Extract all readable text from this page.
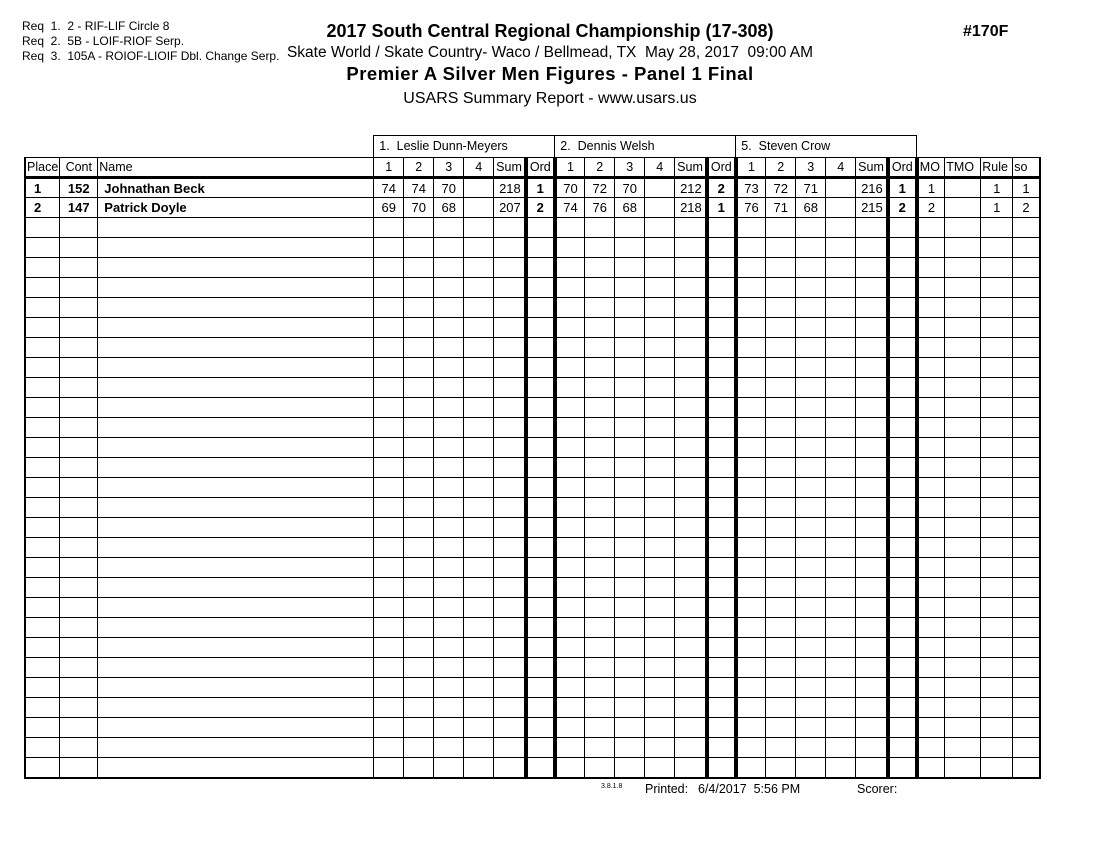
Req  1.  2 - RIF-LIF Circle 8
Req  2.  5B - LOIF-RIOF Serp.
Req  3.  105A - ROIOF-LIOIF Dbl. Change Serp.
2017 South Central Regional Championship (17-308)
Skate World / Skate Country- Waco / Bellmead, TX  May 28, 2017  09:00 AM
Premier A Silver Men Figures - Panel 1 Final
USARS Summary Report - www.usars.us
#170F
			1.  Leslie Dunn-Meyers						2.  Dennis Welsh						5.  Steven Crow									
Place	Cont	Name	1	2	3	4	Sum	Ord	1	2	3	4	Sum	Ord	1	2	3	4	Sum	Ord	MO	TMO	Rule	so
1	152	Johnathan Beck	74	74	70		218	1	70	72	70		212	2	73	72	71		216	1	1		1	1
2	147	Patrick Doyle	69	70	68		207	2	74	76	68		218	1	76	71	68		215	2	2		1	2

3.8.1.8 Printed: 6/4/2017  5:56 PM	Scorer:
